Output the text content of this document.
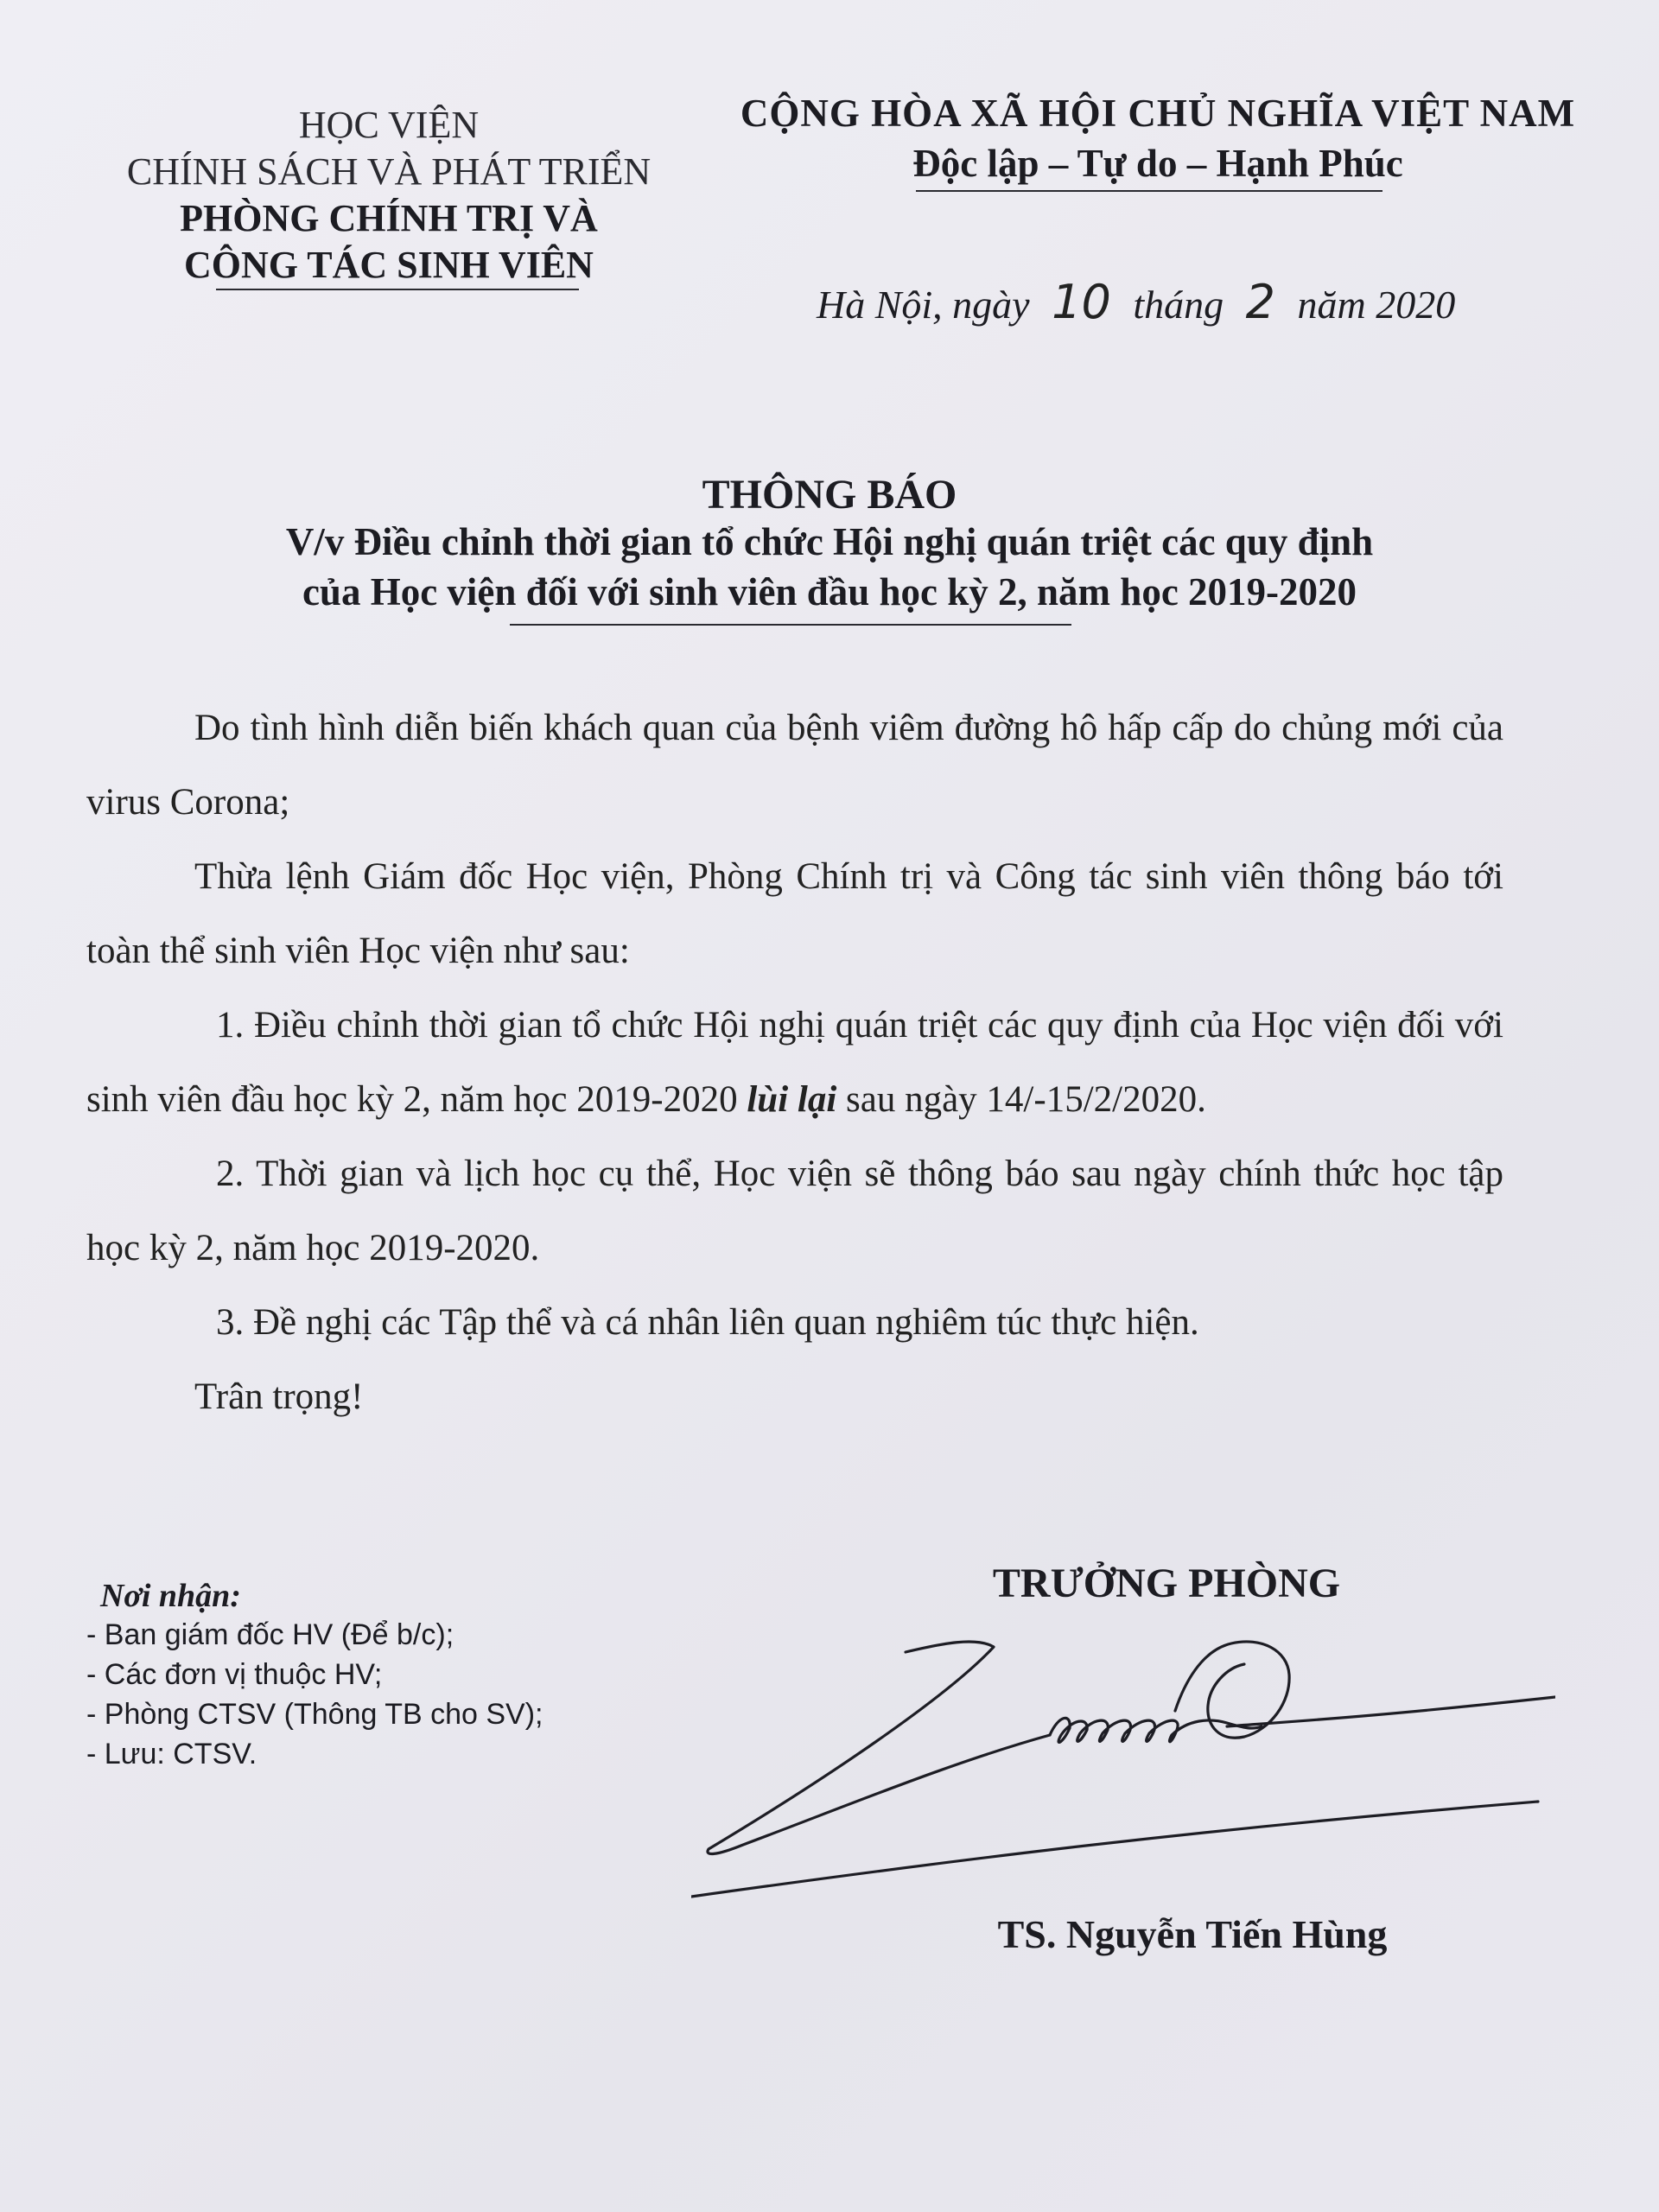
HỌC VIỆN
CHÍNH SÁCH VÀ PHÁT TRIỂN
PHÒNG CHÍNH TRỊ VÀ
CÔNG TÁC SINH VIÊN
CỘNG HÒA XÃ HỘI CHỦ NGHĨA VIỆT NAM
Độc lập – Tự do – Hạnh Phúc
Hà Nội, ngày 10 tháng 2 năm 2020
THÔNG BÁO
V/v Điều chỉnh thời gian tổ chức Hội nghị quán triệt các quy định
của Học viện đối với sinh viên đầu học kỳ 2, năm học 2019-2020

Do tình hình diễn biến khách quan của bệnh viêm đường hô hấp cấp do chủng mới của virus Corona;

Thừa lệnh Giám đốc Học viện, Phòng Chính trị và Công tác sinh viên thông báo tới toàn thể sinh viên Học viện như sau:

1. Điều chỉnh thời gian tổ chức Hội nghị quán triệt các quy định của Học viện đối với sinh viên đầu học kỳ 2, năm học 2019-2020 lùi lại sau ngày 14/-15/2/2020.

2. Thời gian và lịch học cụ thể, Học viện sẽ thông báo sau ngày chính thức học tập học kỳ 2, năm học 2019-2020.

3. Đề nghị các Tập thể và cá nhân liên quan nghiêm túc thực hiện.

Trân trọng!

Nơi nhận:
- Ban giám đốc HV (Để b/c);
- Các đơn vị thuộc HV;
- Phòng CTSV (Thông TB cho SV);
- Lưu: CTSV.
TRƯỞNG PHÒNG
TS. Nguyễn Tiến Hùng
